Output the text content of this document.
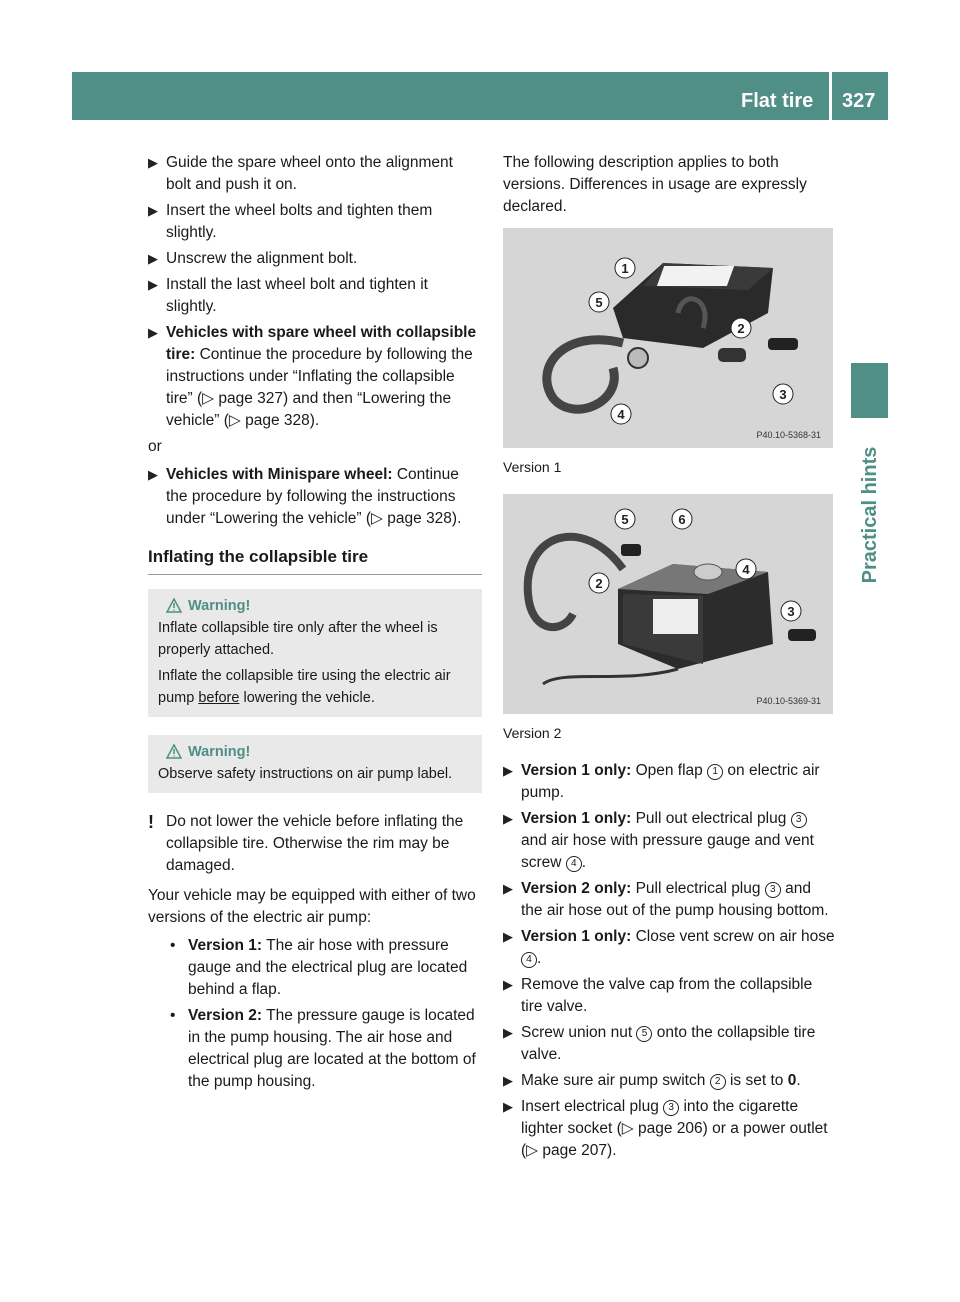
Flat tire 327
Practical hints
▶ Guide the spare wheel onto the alignment bolt and push it on.
▶ Insert the wheel bolts and tighten them slightly.
▶ Unscrew the alignment bolt.
▶ Install the last wheel bolt and tighten it slightly.
▶ Vehicles with spare wheel with collapsible tire: Continue the procedure by following the instructions under “Inflating the collapsible tire” (▷ page 327) and then “Lowering the vehicle” (▷ page 328).

or

▶ Vehicles with Minispare wheel: Continue the procedure by following the instructions under “Lowering the vehicle” (▷ page 328).
Inflating the collapsible tire
Warning!

Inflate collapsible tire only after the wheel is properly attached.

Inflate the collapsible tire using the electric air pump before lowering the vehicle.

Warning!

Observe safety instructions on air pump label.

! Do not lower the vehicle before inflating the collapsible tire. Otherwise the rim may be damaged.

Your vehicle may be equipped with either of two versions of the electric air pump:

• Version 1: The air hose with pressure gauge and the electrical plug are located behind a flap.
• Version 2: The pressure gauge is located in the pump housing. The air hose and electrical plug are located at the bottom of the pump housing.

The following description applies to both versions. Differences in usage are expressly declared.

P40.10-5368-31
1
2
3
4
5
Version 1
P40.10-5369-31
2
3
4
5	6
Version 2
▶ Version 1 only: Open flap 1 on electric air pump.
▶ Version 1 only: Pull out electrical plug 3 and air hose with pressure gauge and vent screw 4 .
▶ Version 2 only: Pull electrical plug 3 and the air hose out of the pump housing bottom.
▶ Version 1 only: Close vent screw on air hose 4 .
▶ Remove the valve cap from the collapsible tire valve.
▶ Screw union nut 5 onto the collapsible tire valve.
▶ Make sure air pump switch 2 is set to 0.
▶ Insert electrical plug 3 into the cigarette lighter socket (▷ page 206) or a power outlet (▷ page 207).
